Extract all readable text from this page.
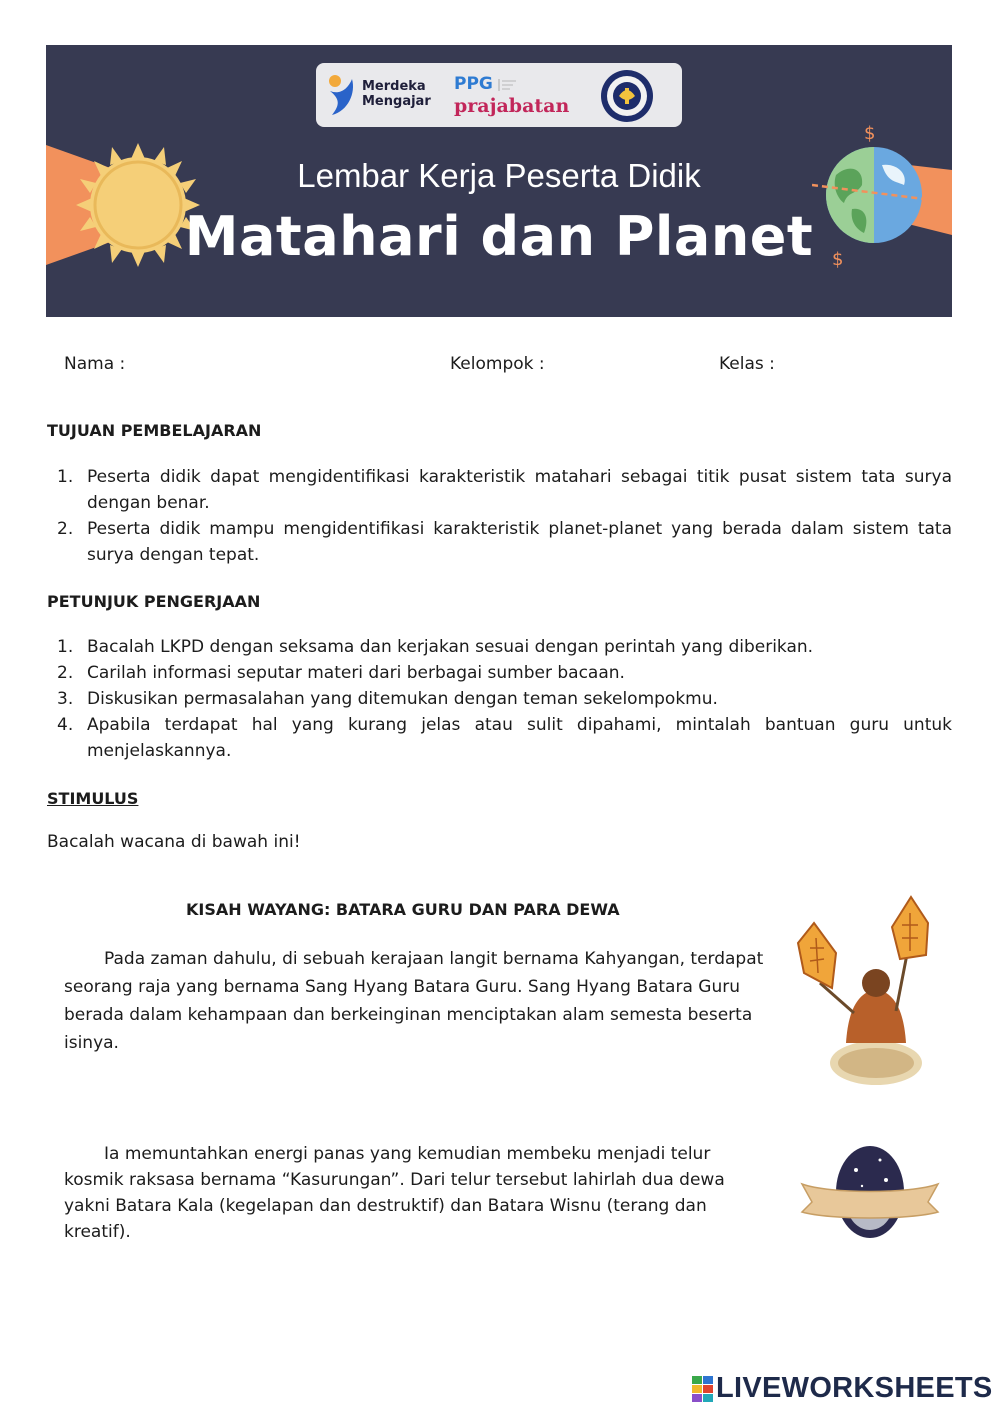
Merdeka Mengajar
PPG
prajabatan
$
$
Lembar Kerja Peserta Didik
Matahari dan Planet
Nama :	Kelompok :	Kelas :
TUJUAN PEMBELAJARAN
1. Peserta didik dapat mengidentifikasi karakteristik matahari sebagai titik pusat sistem tata surya dengan benar.
2. Peserta didik mampu mengidentifikasi karakteristik planet-planet yang berada dalam sistem tata surya dengan tepat.
PETUNJUK PENGERJAAN
1. Bacalah LKPD dengan seksama dan kerjakan sesuai dengan perintah yang diberikan.
2. Carilah informasi seputar materi dari berbagai sumber bacaan.
3. Diskusikan permasalahan yang ditemukan dengan teman sekelompokmu.
4. Apabila terdapat hal yang kurang jelas atau sulit dipahami, mintalah bantuan guru untuk menjelaskannya.
STIMULUS
Bacalah wacana di bawah ini!
KISAH WAYANG: BATARA GURU DAN PARA DEWA
Pada zaman dahulu, di sebuah kerajaan langit bernama Kahyangan, terdapat seorang raja yang bernama Sang Hyang Batara Guru. Sang Hyang Batara Guru berada dalam kehampaan dan berkeinginan menciptakan alam semesta beserta isinya.
Ia memuntahkan energi panas yang kemudian membeku menjadi telur kosmik raksasa bernama “Kasurungan”. Dari telur tersebut lahirlah dua dewa yakni Batara Kala (kegelapan dan destruktif) dan Batara Wisnu (terang dan kreatif).
LIVEWORKSHEETS
